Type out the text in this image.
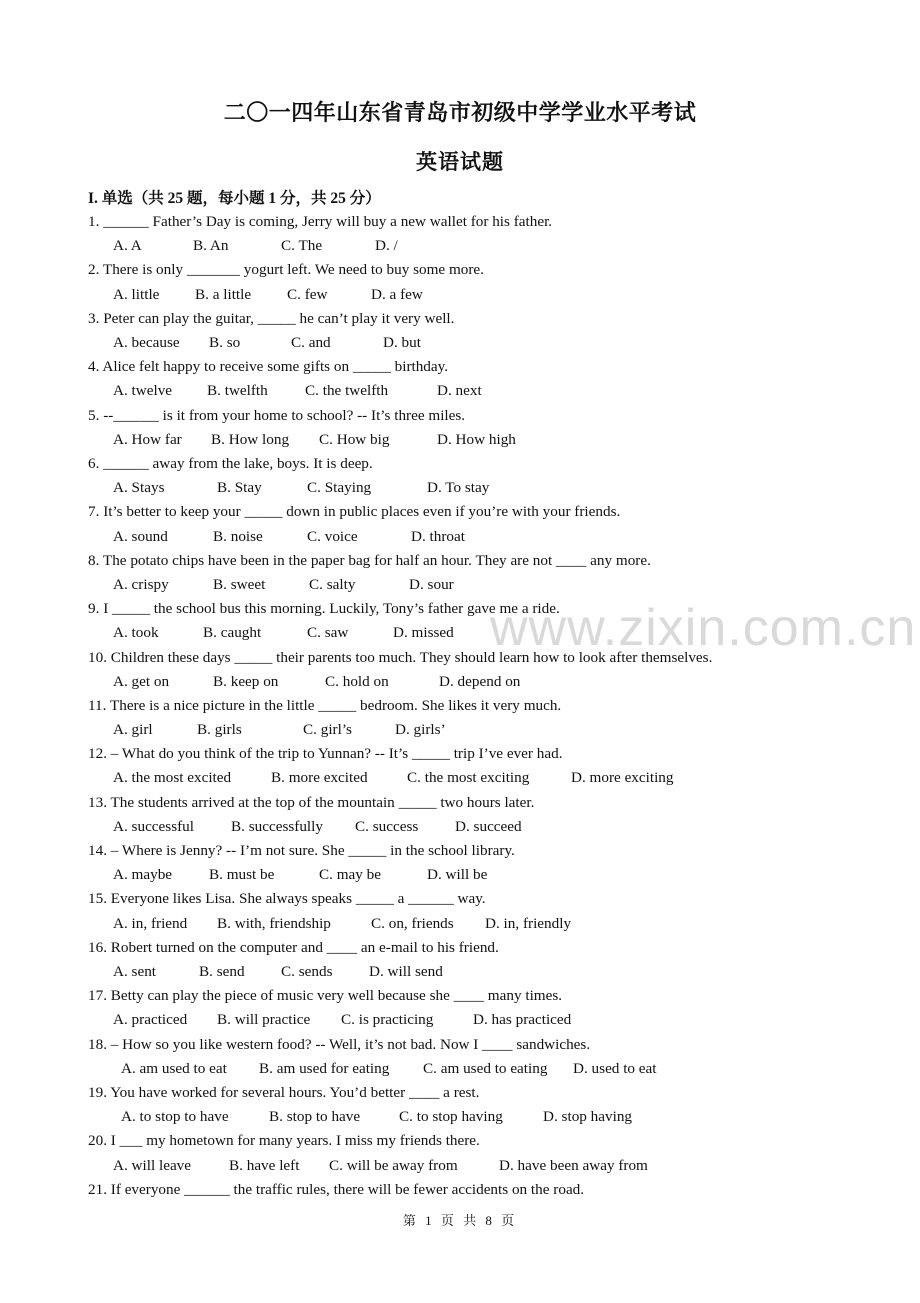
二〇一四年山东省青岛市初级中学学业水平考试
英语试题
I. 单选（共 25 题，每小题 1 分，共 25 分）
1. ______ Father’s Day is coming, Jerry will buy a new wallet for his father.
A. A	B. An	C. The	D. /
2. There is only _______ yogurt left. We need to buy some more.
A. little B. a little C. few	D. a few
3. Peter can play the guitar, _____ he can’t play it very well.
A. because B. so	C. and	D. but
4. Alice felt happy to receive some gifts on _____ birthday.
A. twelve B. twelfth C. the twelfth	D. next
5. --______ is it from your home to school? -- It’s three miles.
A. How far B. How long C. How big	D. How high
6. ______ away from the lake, boys. It is deep.
A. Stays	B. Stay	C. Staying	D. To stay
7. It’s better to keep your _____ down in public places even if you’re with your friends.
A. sound	B. noise	C. voice	D. throat
8. The potato chips have been in the paper bag for half an hour. They are not ____ any more.
A. crispy	B. sweet	C. salty	D. sour
9. I _____ the school bus this morning. Luckily, Tony’s father gave me a ride.
A. took	B. caught	C. saw	D. missed
10. Children these days _____ their parents too much. They should learn how to look after themselves.
A. get on	B. keep on	C. hold on	D. depend on
11. There is a nice picture in the little _____ bedroom. She likes it very much.
A. girl	B. girls	C. girl’s	D. girls’
12. – What do you think of the trip to Yunnan? -- It’s _____ trip I’ve ever had.
A. the most excited	B. more excited	C. the most exciting	D. more exciting
13. The students arrived at the top of the mountain _____ two hours later.
A. successful B. successfully C. success D. succeed
14. – Where is Jenny? -- I’m not sure. She _____ in the school library.
A. maybe B. must be	C. may be	D. will be
15. Everyone likes Lisa. She always speaks _____ a ______ way.
A. in, friend B. with, friendship	C. on, friends D. in, friendly
16. Robert turned on the computer and ____ an e-mail to his friend.
A. sent	B. send C. sends D. will send
17. Betty can play the piece of music very well because she ____ many times.
A. practiced B. will practice C. is practicing	D. has practiced
18. – How so you like western food? -- Well, it’s not bad. Now I ____ sandwiches.
A. am used to eat B. am used for eating C. am used to eating D. used to eat
19. You have worked for several hours. You’d better ____ a rest.
A. to stop to have	B. stop to have	C. to stop having	D. stop having
20. I ___ my hometown for many years. I miss my friends there.
A. will leave B. have left C. will be away from	D. have been away from
21. If everyone ______ the traffic rules, there will be fewer accidents on the road.
www.zixin.com.cn
第 1 页 共 8 页
